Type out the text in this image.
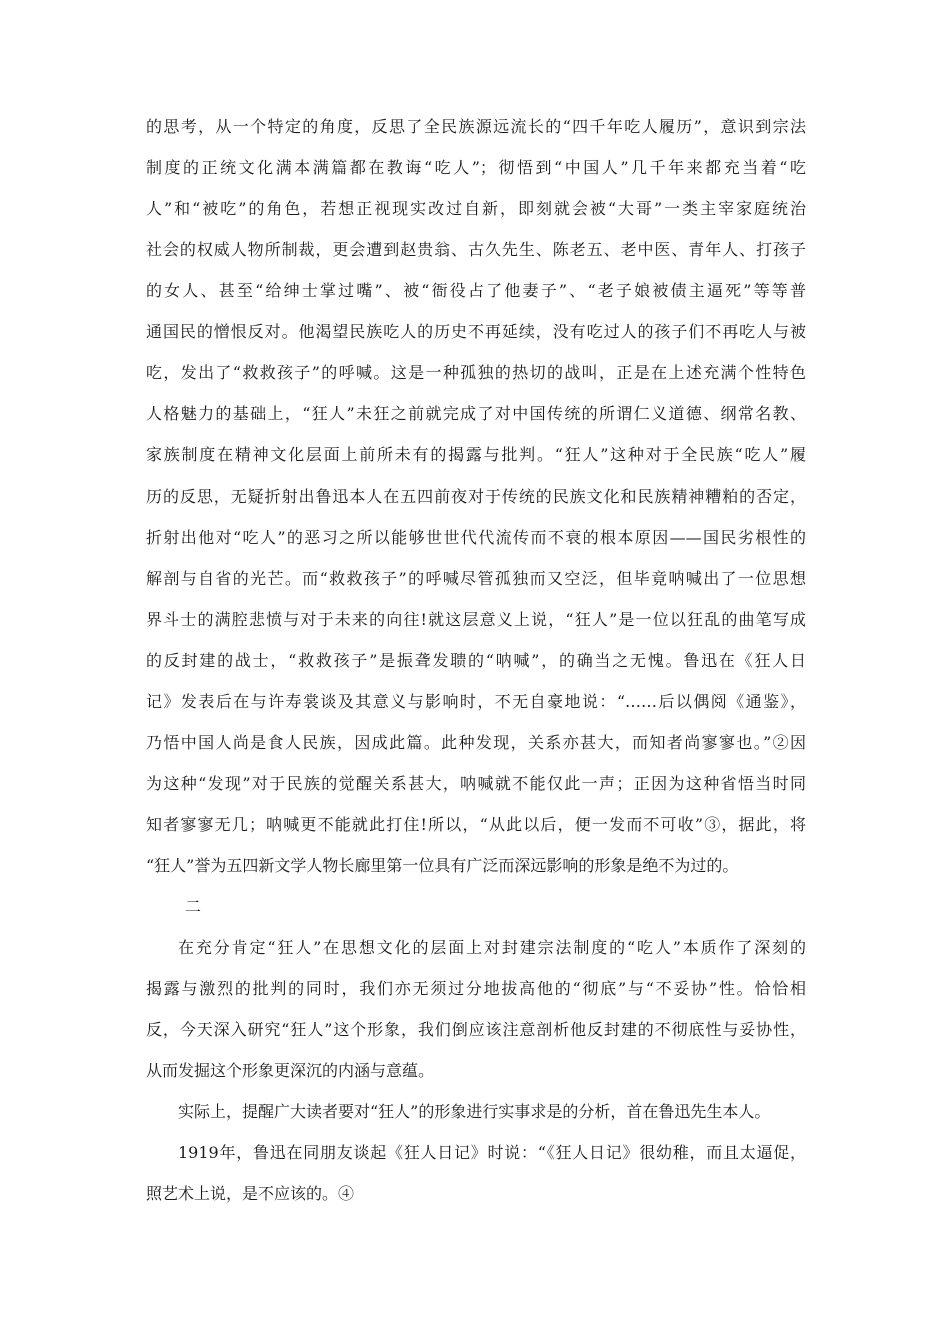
的思考，从一个特定的角度，反思了全民族源远流长的“四千年吃人履历”，意识到宗法
制度的正统文化满本满篇都在教诲“吃人”；彻悟到“中国人”几千年来都充当着“吃
人”和“被吃”的角色，若想正视现实改过自新，即刻就会被“大哥”一类主宰家庭统治
社会的权威人物所制裁，更会遭到赵贵翁、古久先生、陈老五、老中医、青年人、打孩子
的女人、甚至“给绅士掌过嘴”、被“衙役占了他妻子”、“老子娘被债主逼死”等等普
通国民的憎恨反对。他渴望民族吃人的历史不再延续，没有吃过人的孩子们不再吃人与被
吃，发出了“救救孩子”的呼喊。这是一种孤独的热切的战叫，正是在上述充满个性特色
人格魅力的基础上，“狂人”未狂之前就完成了对中国传统的所谓仁义道德、纲常名教、
家族制度在精神文化层面上前所未有的揭露与批判。“狂人”这种对于全民族“吃人”履
历的反思，无疑折射出鲁迅本人在五四前夜对于传统的民族文化和民族精神糟粕的否定，
折射出他对“吃人”的恶习之所以能够世世代代流传而不衰的根本原因——国民劣根性的
解剖与自省的光芒。而“救救孩子”的呼喊尽管孤独而又空泛，但毕竟呐喊出了一位思想
界斗士的满腔悲愤与对于未来的向往!就这层意义上说，“狂人”是一位以狂乱的曲笔写成
的反封建的战士，“救救孩子”是振聋发聩的“呐喊”，的确当之无愧。鲁迅在《狂人日
记》发表后在与许寿裳谈及其意义与影响时，不无自豪地说：“……后以偶阅《通鉴》，
乃悟中国人尚是食人民族，因成此篇。此种发现，关系亦甚大，而知者尚寥寥也。”②因
为这种“发现”对于民族的觉醒关系甚大，呐喊就不能仅此一声；正因为这种省悟当时同
知者寥寥无几；呐喊更不能就此打住!所以，“从此以后，便一发而不可收”③，据此，将
“狂人”誉为五四新文学人物长廊里第一位具有广泛而深远影响的形象是绝不为过的。
二
在充分肯定“狂人”在思想文化的层面上对封建宗法制度的“吃人”本质作了深刻的
揭露与激烈的批判的同时，我们亦无须过分地拔高他的“彻底”与“不妥协”性。恰恰相
反，今天深入研究“狂人”这个形象，我们倒应该注意剖析他反封建的不彻底性与妥协性，
从而发掘这个形象更深沉的内涵与意蕴。
实际上，提醒广大读者要对“狂人”的形象进行实事求是的分析，首在鲁迅先生本人。
1919年，鲁迅在同朋友谈起《狂人日记》时说：“《狂人日记》很幼稚，而且太逼促，
照艺术上说，是不应该的。④
